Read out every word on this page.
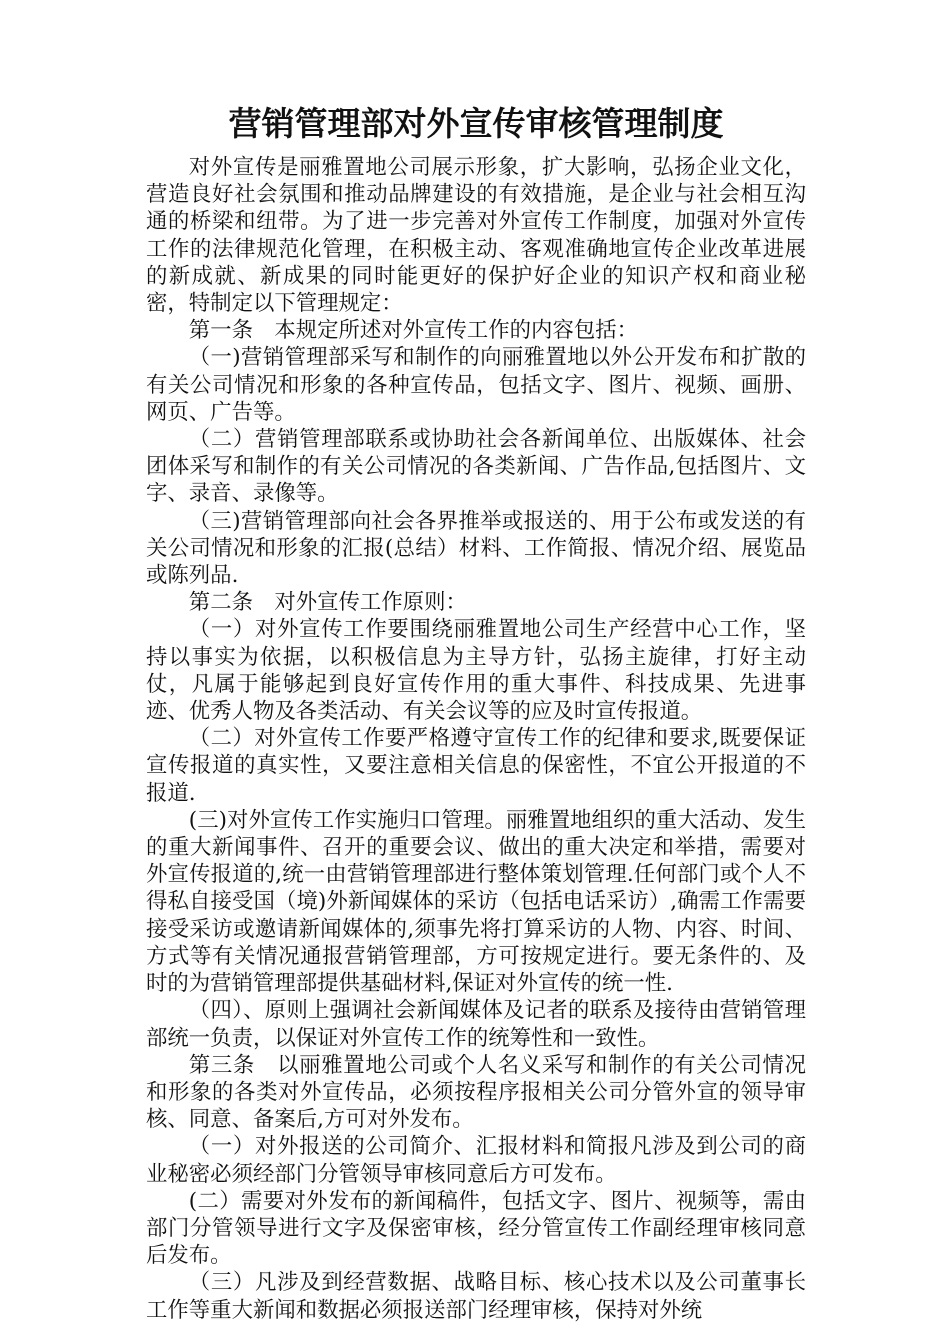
营销管理部对外宣传审核管理制度

对外宣传是丽雅置地公司展示形象，扩大影响，弘扬企业文化，营造良好社会氛围和推动品牌建设的有效措施，是企业与社会相互沟通的桥梁和纽带。为了进一步完善对外宣传工作制度，加强对外宣传工作的法律规范化管理，在积极主动、客观准确地宣传企业改革进展的新成就、新成果的同时能更好的保护好企业的知识产权和商业秘密，特制定以下管理规定：

第一条　本规定所述对外宣传工作的内容包括：

（一)营销管理部采写和制作的向丽雅置地以外公开发布和扩散的有关公司情况和形象的各种宣传品，包括文字、图片、视频、画册、网页、广告等。

（二）营销管理部联系或协助社会各新闻单位、出版媒体、社会团体采写和制作的有关公司情况的各类新闻、广告作品,包括图片、文字、录音、录像等。

（三)营销管理部向社会各界推举或报送的、用于公布或发送的有关公司情况和形象的汇报(总结）材料、工作简报、情况介绍、展览品或陈列品.

第二条　对外宣传工作原则：

（一）对外宣传工作要围绕丽雅置地公司生产经营中心工作，坚持以事实为依据，以积极信息为主导方针，弘扬主旋律，打好主动仗，凡属于能够起到良好宣传作用的重大事件、科技成果、先进事迹、优秀人物及各类活动、有关会议等的应及时宣传报道。

（二）对外宣传工作要严格遵守宣传工作的纪律和要求,既要保证宣传报道的真实性，又要注意相关信息的保密性，不宜公开报道的不报道.

(三)对外宣传工作实施归口管理。丽雅置地组织的重大活动、发生的重大新闻事件、召开的重要会议、做出的重大决定和举措，需要对外宣传报道的,统一由营销管理部进行整体策划管理.任何部门或个人不得私自接受国（境)外新闻媒体的采访（包括电话采访）,确需工作需要接受采访或邀请新闻媒体的,须事先将打算采访的人物、内容、时间、方式等有关情况通报营销管理部，方可按规定进行。要无条件的、及时的为营销管理部提供基础材料,保证对外宣传的统一性.

（四）、原则上强调社会新闻媒体及记者的联系及接待由营销管理部统一负责，以保证对外宣传工作的统筹性和一致性。

第三条　以丽雅置地公司或个人名义采写和制作的有关公司情况和形象的各类对外宣传品，必须按程序报相关公司分管外宣的领导审核、同意、备案后,方可对外发布。

（一）对外报送的公司简介、汇报材料和简报凡涉及到公司的商业秘密必须经部门分管领导审核同意后方可发布。

(二）需要对外发布的新闻稿件，包括文字、图片、视频等，需由部门分管领导进行文字及保密审核，经分管宣传工作副经理审核同意后发布。

（三）凡涉及到经营数据、战略目标、核心技术以及公司董事长工作等重大新闻和数据必须报送部门经理审核，保持对外统
